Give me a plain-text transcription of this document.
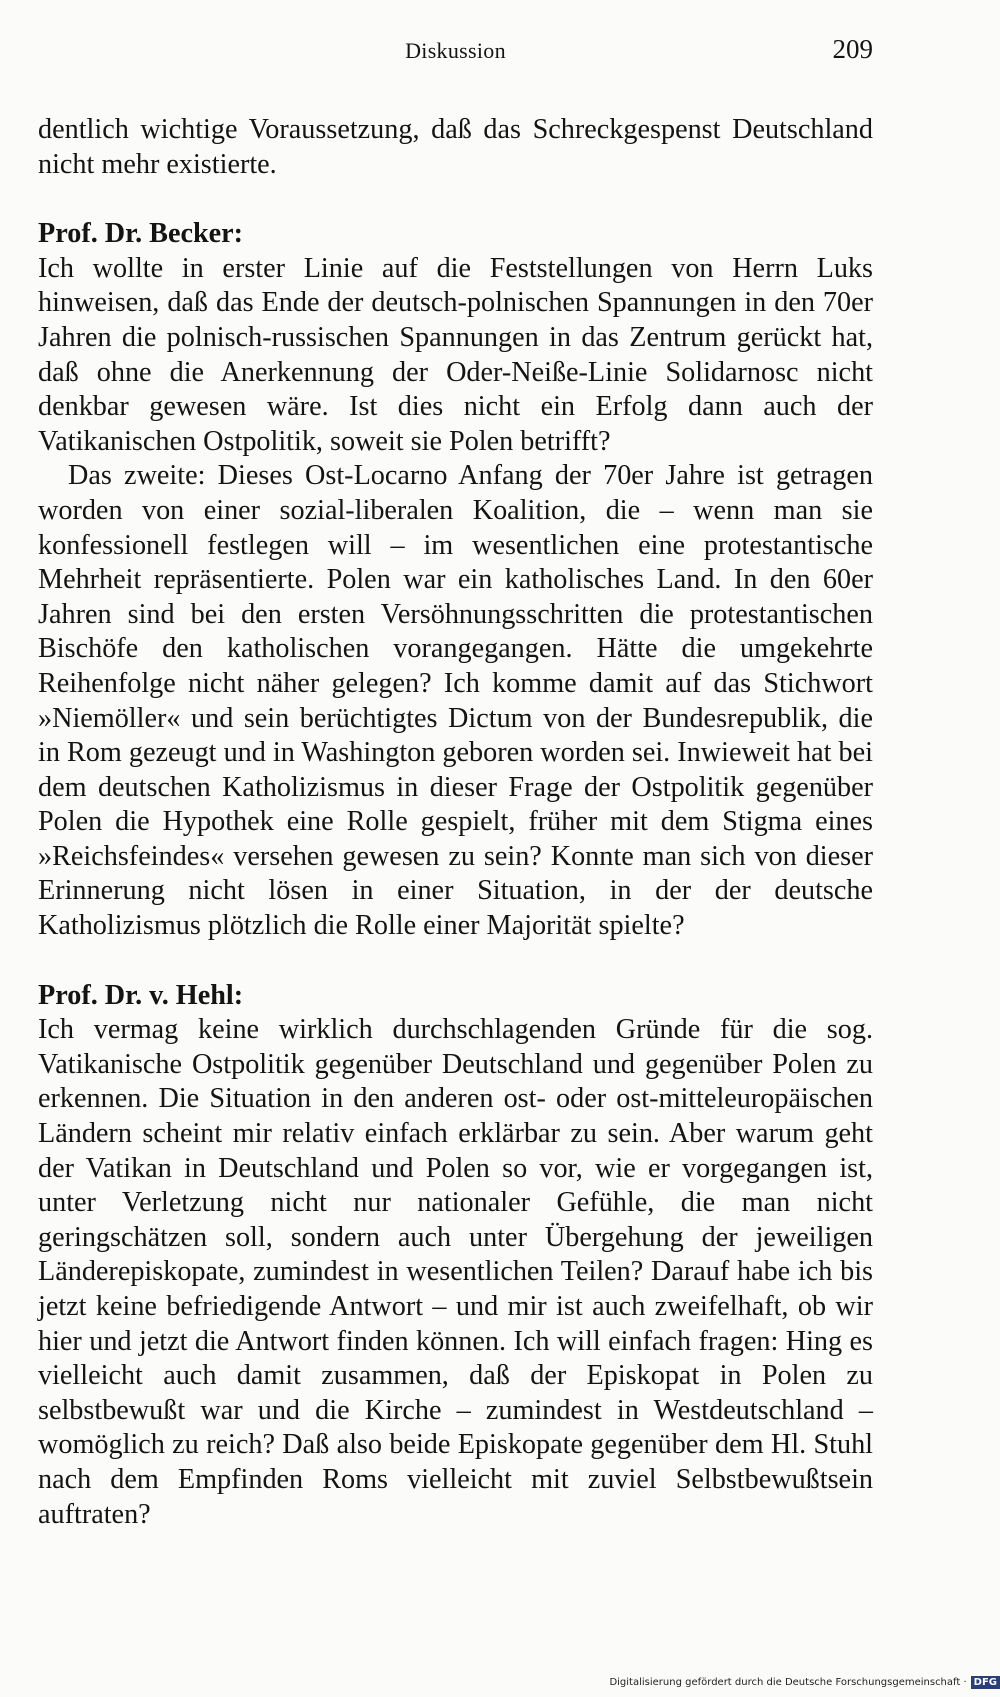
Diskussion	209

dentlich wichtige Voraussetzung, daß das Schreckgespenst Deutschland nicht mehr existierte.

Prof. Dr. Becker:

Ich wollte in erster Linie auf die Feststellungen von Herrn Luks hinweisen, daß das Ende der deutsch-polnischen Spannungen in den 70er Jahren die polnisch-russischen Spannungen in das Zentrum gerückt hat, daß ohne die Anerkennung der Oder-Neiße-Linie Solidarnosc nicht denkbar gewesen wäre. Ist dies nicht ein Erfolg dann auch der Vatikanischen Ostpolitik, soweit sie Polen betrifft?

Das zweite: Dieses Ost-Locarno Anfang der 70er Jahre ist getragen worden von einer sozial-liberalen Koalition, die – wenn man sie konfessionell festlegen will – im wesentlichen eine protestantische Mehrheit repräsentierte. Polen war ein katholisches Land. In den 60er Jahren sind bei den ersten Versöhnungsschritten die protestantischen Bischöfe den katholischen vorangegangen. Hätte die umgekehrte Reihenfolge nicht näher gelegen? Ich komme damit auf das Stichwort »Niemöller« und sein berüchtigtes Dictum von der Bundesrepublik, die in Rom gezeugt und in Washington geboren worden sei. Inwieweit hat bei dem deutschen Katholizismus in dieser Frage der Ostpolitik gegenüber Polen die Hypothek eine Rolle gespielt, früher mit dem Stigma eines »Reichsfeindes« versehen gewesen zu sein? Konnte man sich von dieser Erinnerung nicht lösen in einer Situation, in der der deutsche Katholizismus plötzlich die Rolle einer Majorität spielte?

Prof. Dr. v. Hehl:

Ich vermag keine wirklich durchschlagenden Gründe für die sog. Vatikanische Ostpolitik gegenüber Deutschland und gegenüber Polen zu erkennen. Die Situation in den anderen ost- oder ost-mitteleuropäischen Ländern scheint mir relativ einfach erklärbar zu sein. Aber warum geht der Vatikan in Deutschland und Polen so vor, wie er vorgegangen ist, unter Verletzung nicht nur nationaler Gefühle, die man nicht geringschätzen soll, sondern auch unter Übergehung der jeweiligen Länderepiskopate, zumindest in wesentlichen Teilen? Darauf habe ich bis jetzt keine befriedigende Antwort – und mir ist auch zweifelhaft, ob wir hier und jetzt die Antwort finden können. Ich will einfach fragen: Hing es vielleicht auch damit zusammen, daß der Episkopat in Polen zu selbstbewußt war und die Kirche – zumindest in Westdeutschland – womöglich zu reich? Daß also beide Episkopate gegenüber dem Hl. Stuhl nach dem Empfinden Roms vielleicht mit zuviel Selbstbewußtsein auftraten?

Digitalisierung gefördert durch die Deutsche Forschungsgemeinschaft · DFG
